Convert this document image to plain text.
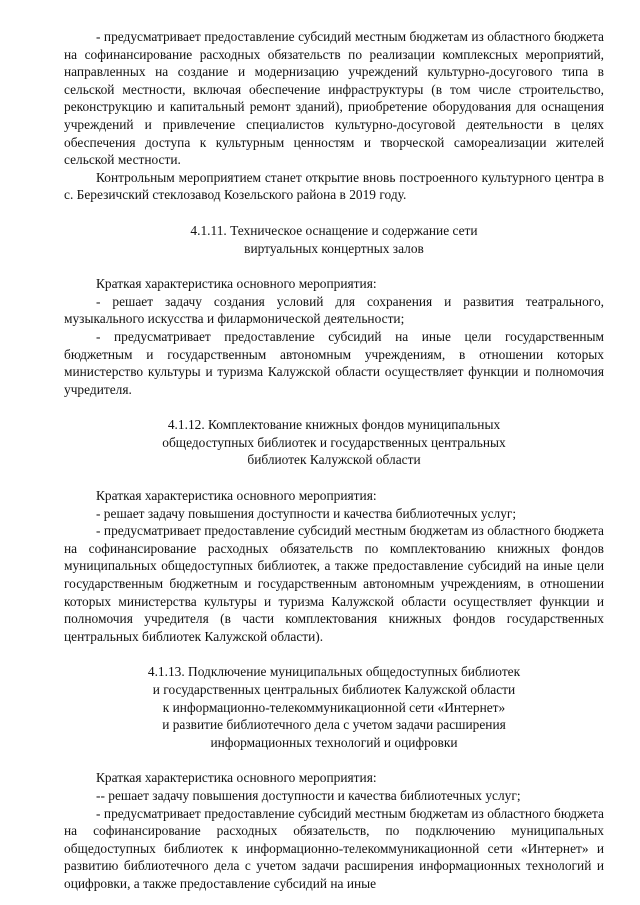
- предусматривает предоставление субсидий местным бюджетам из областного бюджета на софинансирование расходных обязательств по реализации комплексных мероприятий, направленных на создание и модернизацию учреждений культурно-досугового типа в сельской местности, включая обеспечение инфраструктуры (в том числе строительство, реконструкцию и капитальный ремонт зданий), приобретение оборудования для оснащения учреждений и привлечение специалистов культурно-досуговой деятельности в целях обеспечения доступа к культурным ценностям и творческой самореализации жителей сельской местности.

Контрольным мероприятием станет открытие вновь построенного культурного центра в с. Березичский стеклозавод Козельского района в 2019 году.

4.1.11. Техническое оснащение и содержание сети
виртуальных концертных залов

Краткая характеристика основного мероприятия:

- решает задачу создания условий для сохранения и развития театрального, музыкального искусства и филармонической деятельности;

- предусматривает предоставление субсидий на иные цели государственным бюджетным и государственным автономным учреждениям, в отношении которых министерство культуры и туризма Калужской области осуществляет функции и полномочия учредителя.

4.1.12. Комплектование книжных фондов муниципальных
общедоступных библиотек и государственных центральных
библиотек Калужской области

Краткая характеристика основного мероприятия:

- решает задачу повышения доступности и качества библиотечных услуг;

- предусматривает предоставление субсидий местным бюджетам из областного бюджета на софинансирование расходных обязательств по комплектованию книжных фондов муниципальных общедоступных библиотек, а также предоставление субсидий на иные цели государственным бюджетным и государственным автономным учреждениям, в отношении которых министерства культуры и туризма Калужской области осуществляет функции и полномочия учредителя (в части комплектования книжных фондов государственных центральных библиотек Калужской области).

4.1.13. Подключение муниципальных общедоступных библиотек
и государственных центральных библиотек Калужской области
к информационно-телекоммуникационной сети «Интернет»
и развитие библиотечного дела с учетом задачи расширения
информационных технологий и оцифровки

Краткая характеристика основного мероприятия:

-- решает задачу повышения доступности и качества библиотечных услуг;

- предусматривает предоставление субсидий местным бюджетам из областного бюджета на софинансирование расходных обязательств, по подключению муниципальных общедоступных библиотек к информационно-телекоммуникационной сети «Интернет» и развитию библиотечного дела с учетом задачи расширения информационных технологий и оцифровки, а также предоставление субсидий на иные
